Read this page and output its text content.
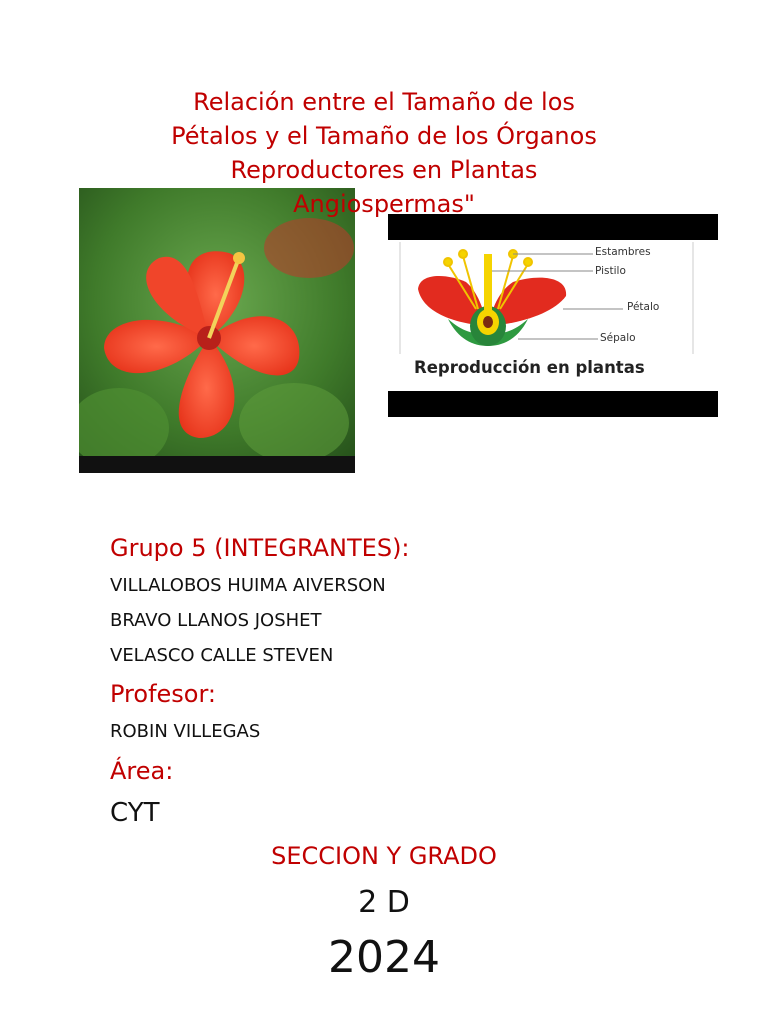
Relación entre el Tamaño de los
Pétalos y el Tamaño de los Órganos
Reproductores en Plantas
Angiospermas"
Estambres
Pistilo
Pétalo
Sépalo
Reproducción en plantas
Grupo 5 (INTEGRANTES):
VILLALOBOS HUIMA AIVERSON
BRAVO LLANOS JOSHET
VELASCO CALLE STEVEN
Profesor:
ROBIN VILLEGAS
Área:
CYT
SECCION Y GRADO
2 D
2024
